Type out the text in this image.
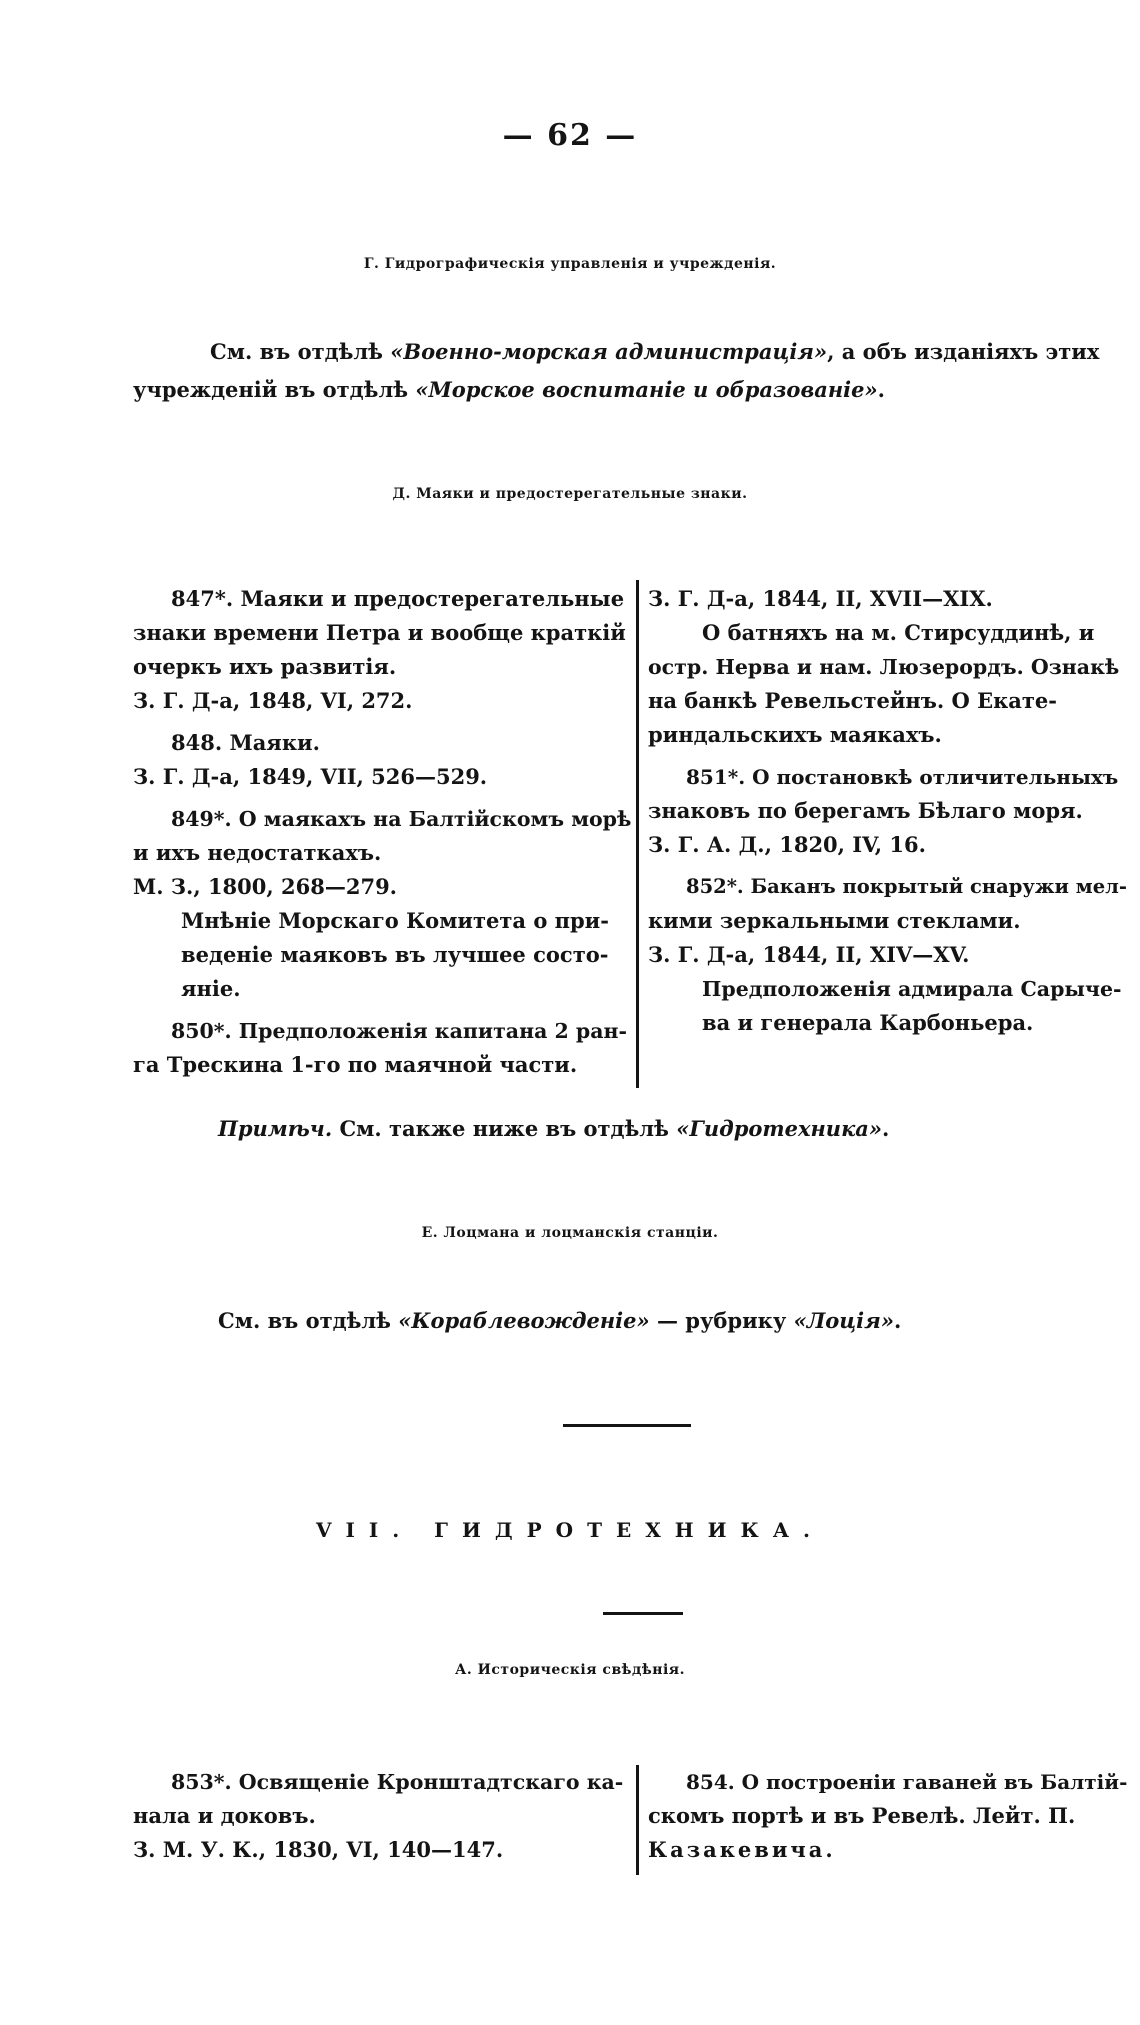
— 62 —
Г. Гидрографическія управленія и учрежденія.
См. въ отдѣлѣ «Военно-морская администрація», а объ изданіяхъ этих
учрежденій въ отдѣлѣ «Морское воспитаніе и образованіе».
Д. Маяки и предостерегательные знаки.

847*. Маяки и предостерегательные

знаки времени Петра и вообще краткій

очеркъ ихъ развитія.

З. Г. Д-а, 1848, VI, 272.

848. Маяки.

З. Г. Д-а, 1849, VII, 526—529.

849*. О маякахъ на Балтійскомъ морѣ

и ихъ недостаткахъ.

М. З., 1800, 268—279.

Мнѣніе Морскаго Комитета о при-

веденіе маяковъ въ лучшее состо-

яніе.

850*. Предположенія капитана 2 ран-

га Трескина 1-го по маячной части.

З. Г. Д-а, 1844, II, XVII—XIX.

О батняхъ на м. Стирсуддинѣ, и

остр. Нерва и нам. Люзерордъ. Ознакѣ

на банкѣ Ревельстейнъ. О Екате-

риндальскихъ маякахъ.

851*. О постановкѣ отличительныхъ

знаковъ по берегамъ Бѣлаго моря.

З. Г. А. Д., 1820, IV, 16.

852*. Баканъ покрытый снаружи мел-

кими зеркальными стеклами.

З. Г. Д-а, 1844, II, XIV—XV.

Предположенія адмирала Сарыче-

ва и генерала Карбоньера.

Примѣч. См. также ниже въ отдѣлѣ «Гидротехника».
Е. Лоцмана и лоцманскія станціи.
См. въ отдѣлѣ «Кораблевожденіе» — рубрику «Лоція».
VII. ГИДРОТЕХНИКА.
А. Историческія свѣдѣнія.

853*. Освященіе Кронштадтскаго ка-

нала и доковъ.

З. М. У. К., 1830, VI, 140—147.

854. О построеніи гаваней въ Балтій-

скомъ портѣ и въ Ревелѣ. Лейт. П.

Казакевича.
